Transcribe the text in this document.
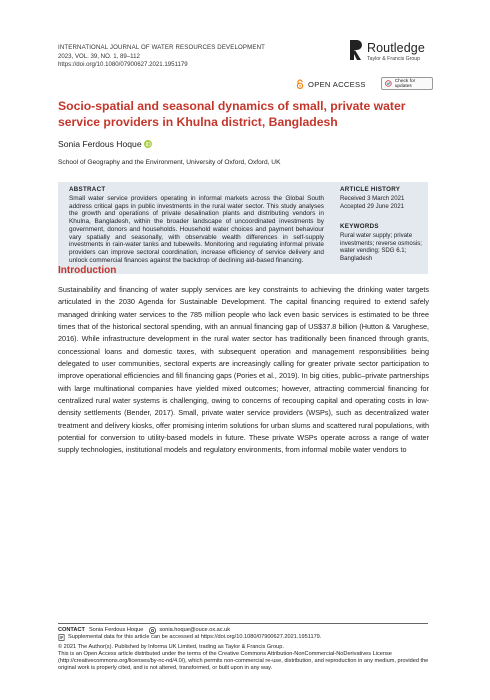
INTERNATIONAL JOURNAL OF WATER RESOURCES DEVELOPMENT
2023, VOL. 39, NO. 1, 89–112
https://doi.org/10.1080/07900627.2021.1951179
Routledge
Taylor & Francis Group
OPEN ACCESS	Check for updates
Socio-spatial and seasonal dynamics of small, private water service providers in Khulna district, Bangladesh
Sonia Ferdous Hoque
School of Geography and the Environment, University of Oxford, Oxford, UK
ABSTRACT
Small water service providers operating in informal markets across the Global South address critical gaps in public investments in the rural water sector. This study analyses the growth and operations of private desalination plants and distributing vendors in Khulna, Bangladesh, within the broader landscape of uncoordinated investments by government, donors and households. Household water choices and payment behaviour vary spatially and seasonally, with observable wealth differences in self-supply investments in rain-water tanks and tubewells. Monitoring and regulating informal private providers can improve sectoral coordination, increase efficiency of service delivery and unlock commercial finances against the backdrop of declining aid-based financing.
ARTICLE HISTORY
Received 3 March 2021
Accepted 29 June 2021
KEYWORDS
Rural water supply; private investments; reverse osmosis; water vending; SDG 6.1; Bangladesh
Introduction

Sustainability and financing of water supply services are key constraints to achieving the drinking water targets articulated in the 2030 Agenda for Sustainable Development. The capital financing required to extend safely managed drinking water services to the 785 million people who lack even basic services is estimated to be three times that of the historical sectoral spending, with an annual financing gap of US$37.8 billion (Hutton & Varughese, 2016). While infrastructure development in the rural water sector has traditionally been financed through grants, concessional loans and domestic taxes, with subsequent operation and management responsibilities being delegated to user communities, sectoral experts are increasingly calling for greater private sector participation to improve operational efficiencies and fill financing gaps (Pories et al., 2019). In big cities, public–private partnerships with large multinational companies have yielded mixed outcomes; however, attracting commercial financing for centralized rural water systems is challenging, owing to concerns of recouping capital and operating costs in low-density settlements (Bender, 2017). Small, private water service providers (WSPs), such as decentralized water treatment and delivery kiosks, offer promising interim solutions for urban slums and scattered rural populations, with potential for conversion to utility-based models in future. These private WSPs operate across a range of water supply technologies, institutional models and regulatory environments, from informal mobile water vendors to

CONTACT Sonia Ferdous Hoque	sonia.hoque@ouce.ox.ac.uk
Supplemental data for this article can be accessed at https://doi.org/10.1080/07900627.2021.1951179.
© 2021 The Author(s). Published by Informa UK Limited, trading as Taylor & Francis Group.
This is an Open Access article distributed under the terms of the Creative Commons Attribution-NonCommercial-NoDerivatives License (http://creativecommons.org/licenses/by-nc-nd/4.0/), which permits non-commercial re-use, distribution, and reproduction in any medium, provided the original work is properly cited, and is not altered, transformed, or built upon in any way.
